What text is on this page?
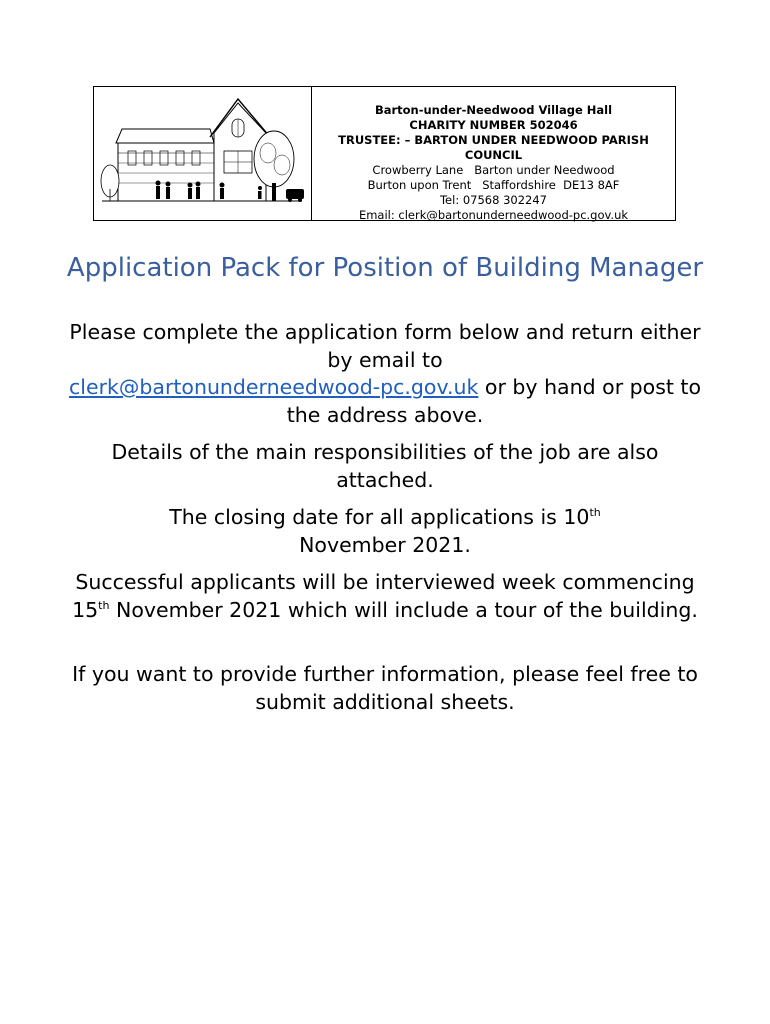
Barton-under-Needwood Village Hall
CHARITY NUMBER 502046
TRUSTEE: – BARTON UNDER NEEDWOOD PARISH
COUNCIL
Crowberry Lane   Barton under Needwood
Burton upon Trent   Staffordshire  DE13 8AF
Tel: 07568 302247
Email: clerk@bartonunderneedwood-pc.gov.uk
Application Pack for Position of Building Manager

Please complete the application form below and return either by email to
clerk@bartonunderneedwood-pc.gov.uk or by hand or post to the address above.

Details of the main responsibilities of the job are also attached.

The closing date for all applications is 10th
November 2021.

Successful applicants will be interviewed week commencing 15th November 2021 which will include a tour of the building.

If you want to provide further information, please feel free to submit additional sheets.
